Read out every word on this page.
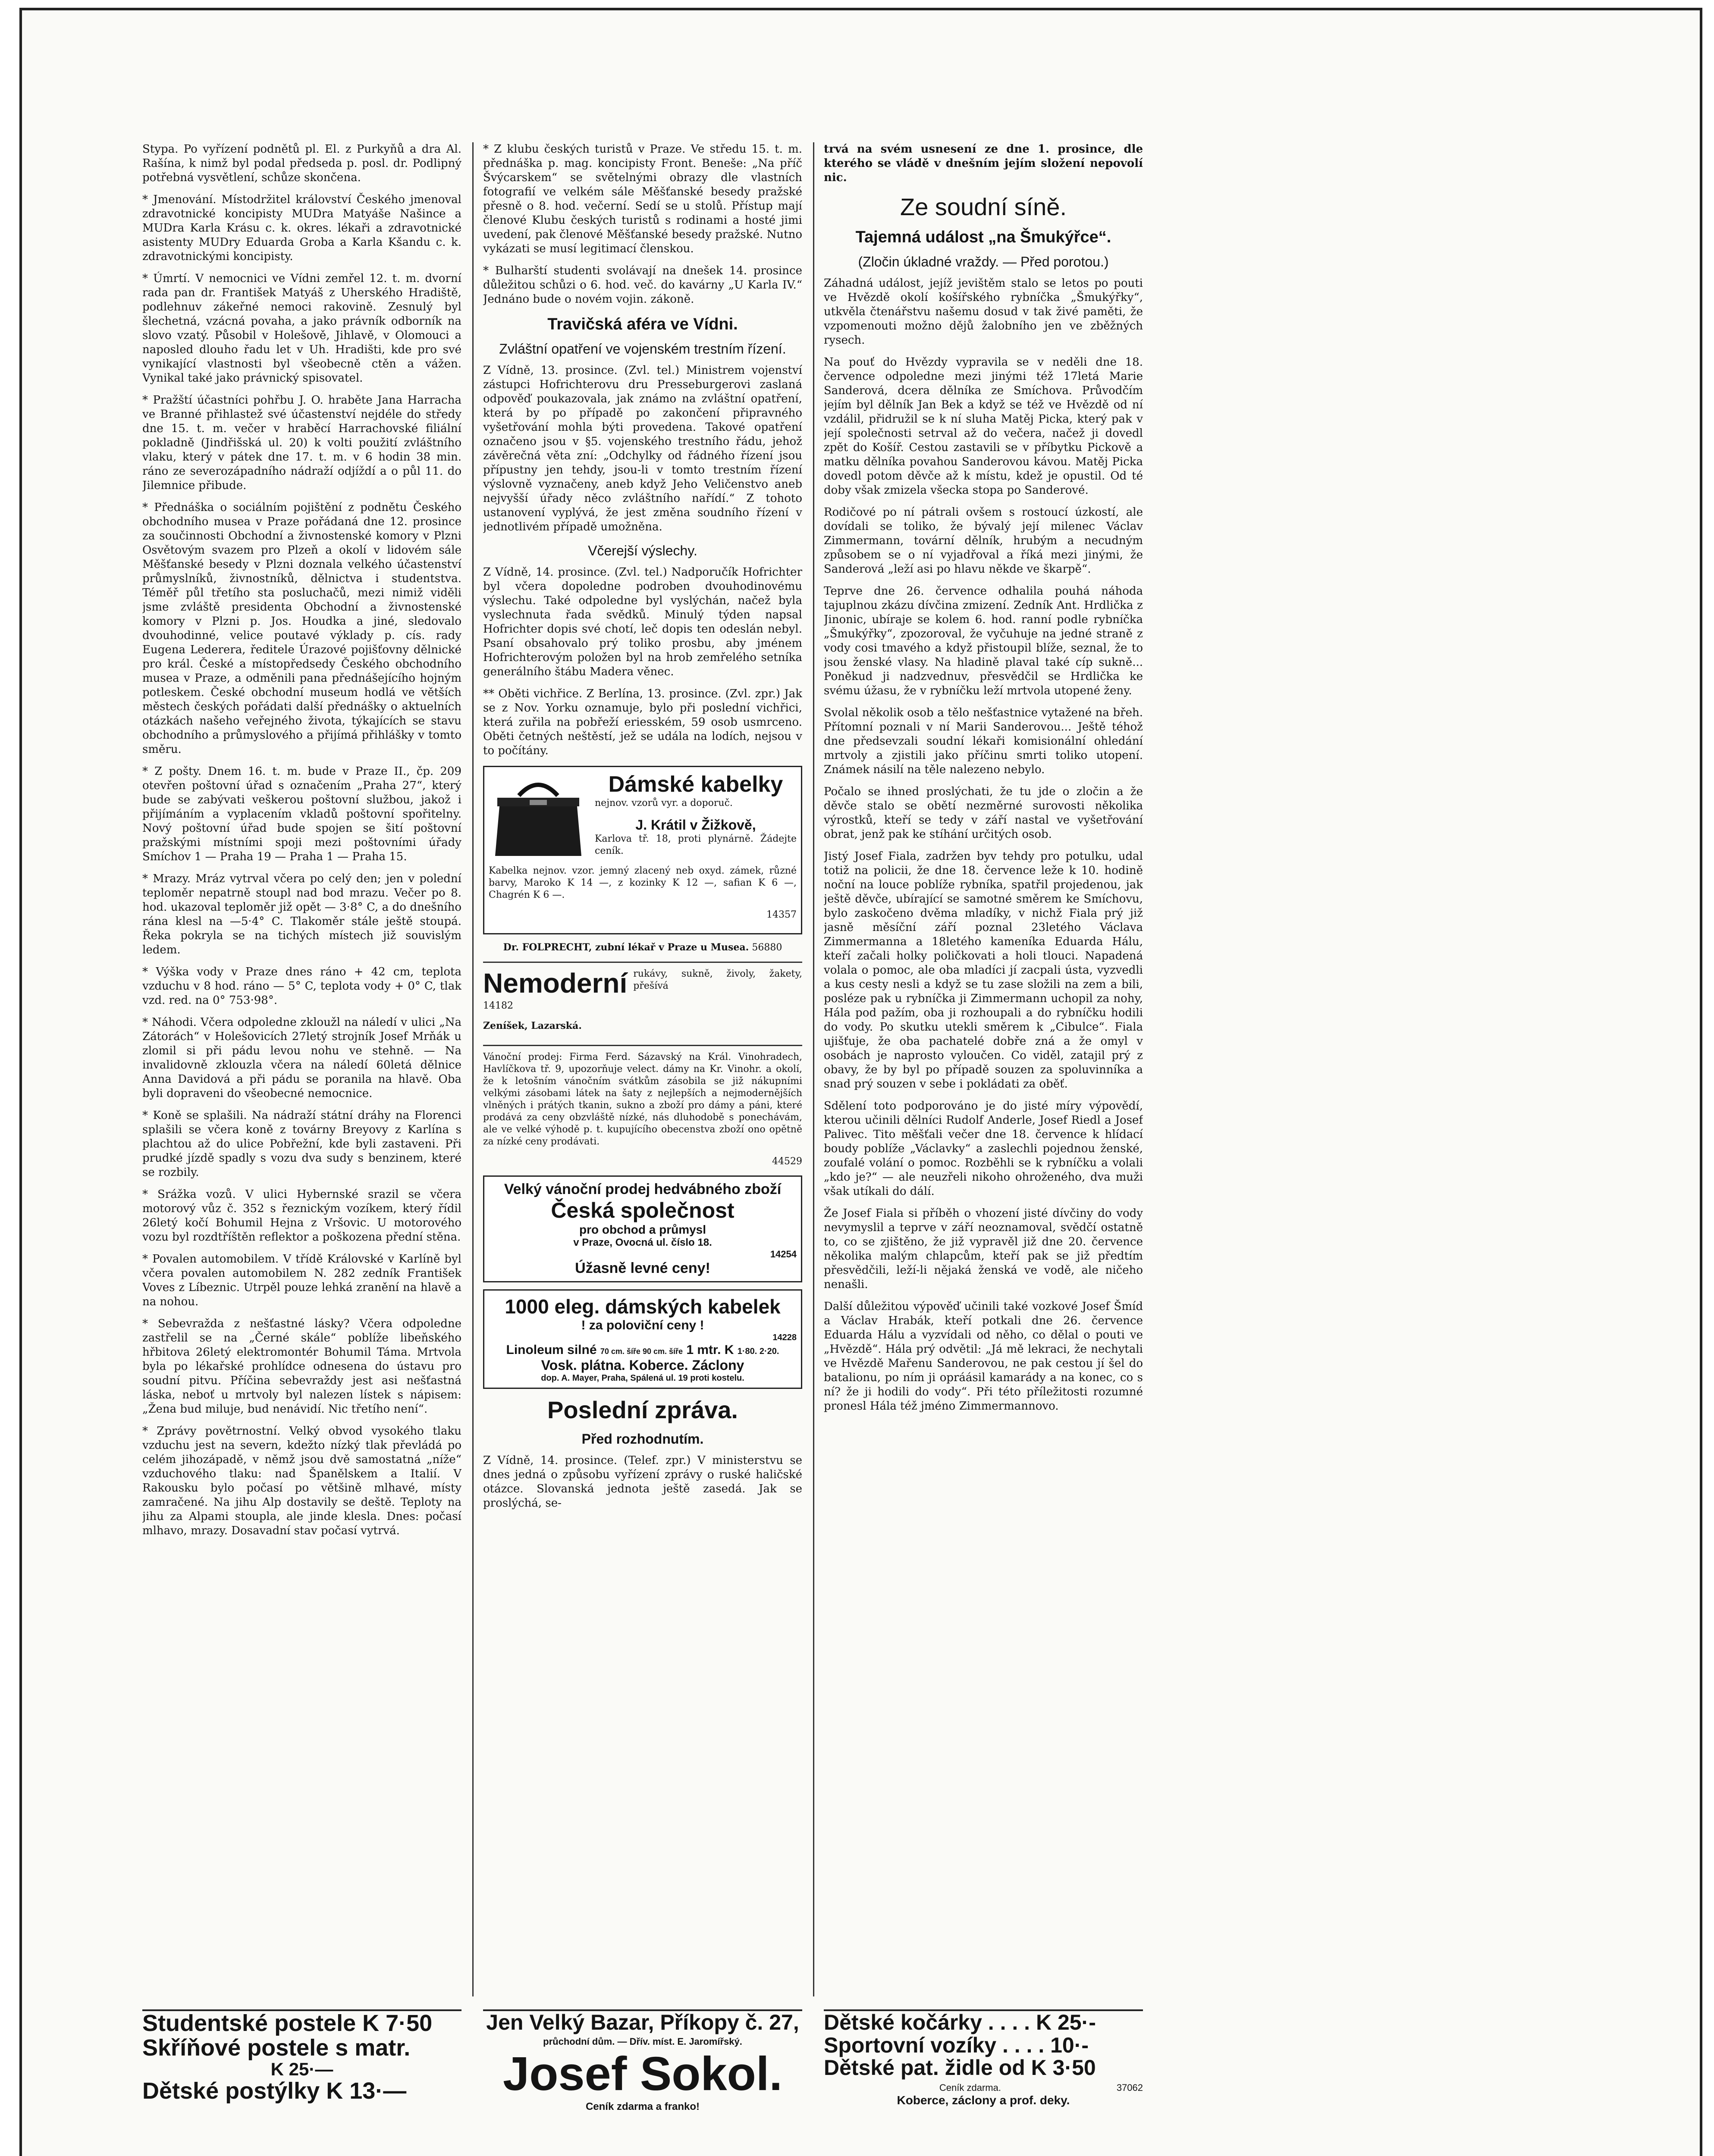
Stypa. Po vyřízení podnětů pl. El. z Purkyňů a dra Al. Rašína, k nimž byl podal předseda p. posl. dr. Podlipný potřebná vysvětlení, schůze skončena.

* Jmenování. Místodržitel království Českého jmenoval zdravotnické koncipisty MUDra Matyáše Našince a MUDra Karla Krásu c. k. okres. lékaři a zdravotnické asistenty MUDry Eduarda Groba a Karla Kšandu c. k. zdravotnickými koncipisty.

* Úmrtí. V nemocnici ve Vídni zemřel 12. t. m. dvorní rada pan dr. František Matyáš z Uherského Hradiště, podlehnuv zákeřné nemoci rakovině. Zesnulý byl šlechetná, vzácná povaha, a jako právník odborník na slovo vzatý. Působil v Holešově, Jihlavě, v Olomouci a naposled dlouho řadu let v Uh. Hradišti, kde pro své vynikající vlastnosti byl všeobecně ctěn a vážen. Vynikal také jako právnický spisovatel.

* Pražští účastníci pohřbu J. O. hraběte Jana Harracha ve Branné přihlastež své účastenství nejdéle do středy dne 15. t. m. večer v hraběcí Harrachovské filiální pokladně (Jindřišská ul. 20) k volti použití zvláštního vlaku, který v pátek dne 17. t. m. v 6 hodin 38 min. ráno ze severozápadního nádraží odjíždí a o půl 11. do Jilemnice přibude.

* Přednáška o sociálním pojištění z podnětu Českého obchodního musea v Praze pořádaná dne 12. prosince za součinnosti Obchodní a živnostenské komory v Plzni Osvětovým svazem pro Plzeň a okolí v lidovém sále Měšťanské besedy v Plzni doznala velkého účastenství průmyslníků, živnostníků, dělnictva i studentstva. Téměř půl třetího sta posluchačů, mezi nimiž viděli jsme zvláště presidenta Obchodní a živnostenské komory v Plzni p. Jos. Houdka a jiné, sledovalo dvouhodinné, velice poutavé výklady p. cís. rady Eugena Lederera, ředitele Úrazové pojišťovny dělnické pro král. České a místopředsedy Českého obchodního musea v Praze, a odměnili pana přednášejícího hojným potleskem. České obchodní museum hodlá ve větších městech českých pořádati další přednášky o aktuelních otázkách našeho veřejného života, týkajících se stavu obchodního a průmyslového a přijímá přihlášky v tomto směru.

* Z pošty. Dnem 16. t. m. bude v Praze II., čp. 209 otevřen poštovní úřad s označením „Praha 27“, který bude se zabývati veškerou poštovní službou, jakož i přijímáním a vyplacením vkladů poštovní spořitelny. Nový poštovní úřad bude spojen se šití poštovní pražskými místními spoji mezi poštovními úřady Smíchov 1 — Praha 19 — Praha 1 — Praha 15.

* Mrazy. Mráz vytrval včera po celý den; jen v polední teploměr nepatrně stoupl nad bod mrazu. Večer po 8. hod. ukazoval teploměr již opět — 3·8° C, a do dnešního rána klesl na —5·4° C. Tlakoměr stále ještě stoupá. Řeka pokryla se na tichých místech již souvislým ledem.

* Výška vody v Praze dnes ráno + 42 cm, teplota vzduchu v 8 hod. ráno — 5° C, teplota vody + 0° C, tlak vzd. red. na 0° 753·98°.

* Náhodi. Včera odpoledne zkloužl na náledí v ulici „Na Zátorách“ v Holešovicích 27letý strojník Josef Mrňák u zlomil si při pádu levou nohu ve stehně. — Na invalidovně zklouzla včera na náledí 60letá dělnice Anna Davidová a při pádu se poranila na hlavě. Oba byli dopraveni do všeobecné nemocnice.

* Koně se splašili. Na nádraží státní dráhy na Florenci splašili se včera koně z továrny Breyovy z Karlína s plachtou až do ulice Pobřežní, kde byli zastaveni. Při prudké jízdě spadly s vozu dva sudy s benzinem, které se rozbily.

* Srážka vozů. V ulici Hybernské srazil se včera motorový vůz č. 352 s řeznickým vozíkem, který řídil 26letý kočí Bohumil Hejna z Vršovic. U motorového vozu byl rozdtříštěn reflektor a poškozena přední stěna.

* Povalen automobilem. V třídě Královské v Karlíně byl včera povalen automobilem N. 282 zedník František Voves z Líbeznic. Utrpěl pouze lehká zranění na hlavě a na nohou.

* Sebevražda z nešťastné lásky? Včera odpoledne zastřelil se na „Černé skále“ poblíže libeňského hřbitova 26letý elektromontér Bohumil Táma. Mrtvola byla po lékařské prohlídce odnesena do ústavu pro soudní pitvu. Příčina sebevraždy jest asi nešťastná láska, neboť u mrtvoly byl nalezen lístek s nápisem: „Žena bud miluje, bud nenávidí. Nic třetího není“.

* Zprávy povětrnostní. Velký obvod vysokého tlaku vzduchu jest na severn, kdežto nízký tlak převládá po celém jihozápadě, v němž jsou dvě samostatná „níže“ vzduchového tlaku: nad Španělskem a Italií. V Rakousku bylo počasí po většině mlhavé, místy zamračené. Na jihu Alp dostavily se deště. Teploty na jihu za Alpami stoupla, ale jinde klesla. Dnes: počasí mlhavo, mrazy. Dosavadní stav počasí vytrvá.

* Z klubu českých turistů v Praze. Ve středu 15. t. m. přednáška p. mag. koncipisty Front. Beneše: „Na příč Švýcarskem“ se světelnými obrazy dle vlastních fotografií ve velkém sále Měšťanské besedy pražské přesně o 8. hod. večerní. Sedí se u stolů. Přístup mají členové Klubu českých turistů s rodinami a hosté jimi uvedení, pak členové Měšťanské besedy pražské. Nutno vykázati se musí legitimací členskou.

* Bulharští studenti svolávají na dnešek 14. prosince důležitou schůzi o 6. hod. več. do kavárny „U Karla IV.“ Jednáno bude o novém vojin. zákoně.

Travičská aféra ve Vídni.
Zvláštní opatření ve vojenském trestním řízení.

Z Vídně, 13. prosince. (Zvl. tel.) Ministrem vojenství zástupci Hofrichterovu dru Presseburgerovi zaslaná odpověď poukazovala, jak známo na zvláštní opatření, která by po případě po zakončení připravného vyšetřování mohla býti provedena. Takové opatření označeno jsou v §5. vojenského trestního řádu, jehož závěrečná věta zní: „Odchylky od řádného řízení jsou přípustny jen tehdy, jsou-li v tomto trestním řízení výslovně vyznačeny, aneb když Jeho Veličenstvo aneb nejvyšší úřady něco zvláštního nařídí.“ Z tohoto ustanovení vyplývá, že jest změna soudního řízení v jednotlivém případě umožněna.

Včerejší výslechy.

Z Vídně, 14. prosince. (Zvl. tel.) Nadporučík Hofrichter byl včera dopoledne podroben dvouhodinovému výslechu. Také odpoledne byl vyslýchán, načež byla vyslechnuta řada svědků. Minulý týden napsal Hofrichter dopis své chotí, leč dopis ten odeslán nebyl. Psaní obsahovalo prý toliko prosbu, aby jménem Hofrichterovým položen byl na hrob zemřelého setníka generálního štábu Madera věnec.

** Oběti vichřice. Z Berlína, 13. prosince. (Zvl. zpr.) Jak se z Nov. Yorku oznamuje, bylo při poslední vichřici, která zuřila na pobřeží eriesském, 59 osob usmrceno. Oběti četných neštěstí, jež se udála na lodích, nejsou v to počítány.

Dámské kabelky

nejnov. vzorů vyr. a doporuč.

J. Krátil v Žižkově,

Karlova tř. 18, proti plynárně. Žádejte ceník.

Kabelka nejnov. vzor. jemný zlacený neb oxyd. zámek, různé barvy, Maroko K 14 —, z kozinky K 12 —, safian K 6 —, Chagrén K 6 —.

14357

Dr. FOLPRECHT, zubní lékař v Praze u Musea. 56880

Nemoderní rukávy, sukně, živoly, žakety, přešívá

14182

Zeníšek, Lazarská.

Vánoční prodej: Firma Ferd. Sázavský na Král. Vinohradech, Havlíčkova tř. 9, upozorňuje velect. dámy na Kr. Vinohr. a okolí, že k letošním vánočním svátkům zásobila se již nákupními velkými zásobami látek na šaty z nejlepších a nejmodernějších vlněných i prátých tkanin, sukno a zboží pro dámy a páni, které prodává za ceny obzvláště nízké, nás dluhodobě s ponechávám, ale ve velké výhodě p. t. kupujícího obecenstva zboží ono opětně za nízké ceny prodávati.

44529

Velký vánoční prodej hedvábného zboží
Česká společnost
pro obchod a průmysl
v Praze, Ovocná ul. číslo 18.
14254
Úžasně levné ceny!
1000 eleg. dámských kabelek
! za poloviční ceny !
14228
Linoleum silné 70 cm. šíře 90 cm. šíře 1 mtr. K 1·80. 2·20.
Vosk. plátna. Koberce. Záclony
dop. A. Mayer, Praha, Spálená ul. 19 proti kostelu.
Poslední zpráva.
Před rozhodnutím.

Z Vídně, 14. prosince. (Telef. zpr.) V ministerstvu se dnes jedná o způsobu vyřízení zprávy o ruské haličské otázce. Slovanská jednota ještě zasedá. Jak se proslýchá, se-

trvá na svém usnesení ze dne 1. prosince, dle kterého se vládě v dnešním jejím složení nepovolí nic.

Ze soudní síně.
Tajemná událost „na Šmukýřce“.
(Zločin úkladné vraždy. — Před porotou.)

Záhadná událost, jejíž jevištěm stalo se letos po pouti ve Hvězdě okolí košířského rybníčka „Šmukýřky“, utkvěla čtenářstvu našemu dosud v tak živé paměti, že vzpomenouti možno dějů žalobního jen ve zběžných rysech.

Na pouť do Hvězdy vypravila se v neděli dne 18. července odpoledne mezi jinými též 17letá Marie Sanderová, dcera dělníka ze Smíchova. Průvodčím jejím byl dělník Jan Bek a když se též ve Hvězdě od ní vzdálil, přidružil se k ní sluha Matěj Picka, který pak v její společnosti setrval až do večera, načež ji dovedl zpět do Košíř. Cestou zastavili se v příbytku Pickově a matku dělníka povahou Sanderovou kávou. Matěj Picka dovedl potom děvče až k místu, kdež je opustil. Od té doby však zmizela všecka stopa po Sanderové.

Rodičové po ní pátrali ovšem s rostoucí úzkostí, ale dovídali se toliko, že bývalý její milenec Václav Zimmermann, tovární dělník, hrubým a necudným způsobem se o ní vyjadřoval a říká mezi jinými, že Sanderová „leží asi po hlavu někde ve škarpě“.

Teprve dne 26. července odhalila pouhá náhoda tajuplnou zkázu dívčina zmizení. Zedník Ant. Hrdlička z Jinonic, ubíraje se kolem 6. hod. ranní podle rybníčka „Šmukýřky“, zpozoroval, že vyčuhuje na jedné straně z vody cosi tmavého a když přistoupil blíže, seznal, že to jsou ženské vlasy. Na hladině plaval také cíp sukně... Poněkud ji nadzvednuv, přesvědčil se Hrdlička ke svému úžasu, že v rybníčku leží mrtvola utopené ženy.

Svolal několik osob a tělo nešťastnice vytažené na břeh. Přítomní poznali v ní Marii Sanderovou... Ještě téhož dne předsevzali soudní lékaři komisionální ohledání mrtvoly a zjistili jako příčinu smrti toliko utopení. Známek násilí na těle nalezeno nebylo.

Počalo se ihned proslýchati, že tu jde o zločin a že děvče stalo se obětí nezměrné surovosti několika výrostků, kteří se tedy v září nastal ve vyšetřování obrat, jenž pak ke stíhání určitých osob.

Jistý Josef Fiala, zadržen byv tehdy pro potulku, udal totiž na policii, že dne 18. července leže k 10. hodině noční na louce poblíže rybníka, spatřil projedenou, jak ještě děvče, ubírající se samotné směrem ke Smíchovu, bylo zaskočeno dvěma mladíky, v nichž Fiala prý již jasně měsíční září poznal 23letého Václava Zimmermanna a 18letého kameníka Eduarda Hálu, kteří začali holky poličkovati a holi tlouci. Napadená volala o pomoc, ale oba mladíci jí zacpali ústa, vyzvedli a kus cesty nesli a když se tu zase složili na zem a bili, posléze pak u rybníčka ji Zimmermann uchopil za nohy, Hála pod pažím, oba ji rozhoupali a do rybníčku hodili do vody. Po skutku utekli směrem k „Cibulce“. Fiala ujišťuje, že oba pachatelé dobře zná a že omyl v osobách je naprosto vyloučen. Co viděl, zatajil prý z obavy, že by byl po případě souzen za spoluvinníka a snad prý souzen v sebe i pokládati za oběť.

Sdělení toto podporováno je do jisté míry výpovědí, kterou učinili dělníci Rudolf Anderle, Josef Riedl a Josef Palivec. Tito měšťali večer dne 18. července k hlídací boudy poblíže „Václavky“ a zaslechli pojednou ženské, zoufalé volání o pomoc. Rozběhli se k rybníčku a volali „kdo je?“ — ale neuzřeli nikoho ohroženého, dva muži však utíkali do dálí.

Že Josef Fiala si příběh o vhození jisté dívčiny do vody nevymyslil a teprve v září neoznamoval, svědčí ostatně to, co se zjištěno, že již vypravěl již dne 20. července několika malým chlapcům, kteří pak se již předtím přesvědčili, leží-li nějaká ženská ve vodě, ale ničeho nenašli.

Další důležitou výpověď učinili také vozkové Josef Šmíd a Václav Hrabák, kteří potkali dne 26. července Eduarda Hálu a vyzvídali od něho, co dělal o pouti ve „Hvězdě“. Hála prý odvětil: „Já mě lekraci, že nechytali ve Hvězdě Mařenu Sanderovou, ne pak cestou jí šel do batalionu, po ním ji opráásil kamarády a na konec, co s ní? že ji hodili do vody“. Při této příležitosti rozumné pronesl Hála též jméno Zimmermannovo.

Studentské postele K 7·50
Skříňové postele s matr.
K 25·—
Dětské postýlky K 13·—
Jen Velký Bazar, Příkopy č. 27,
průchodní dům. — Dřív. míst. E. Jaromířský.
Josef Sokol.
Ceník zdarma a franko!
Dětské kočárky . . . . K 25·-
Sportovní vozíky . . . . 10·-
Dětské pat. židle od K 3·50
Ceník zdarma.	37062
Koberce, záclony a prof. deky.
